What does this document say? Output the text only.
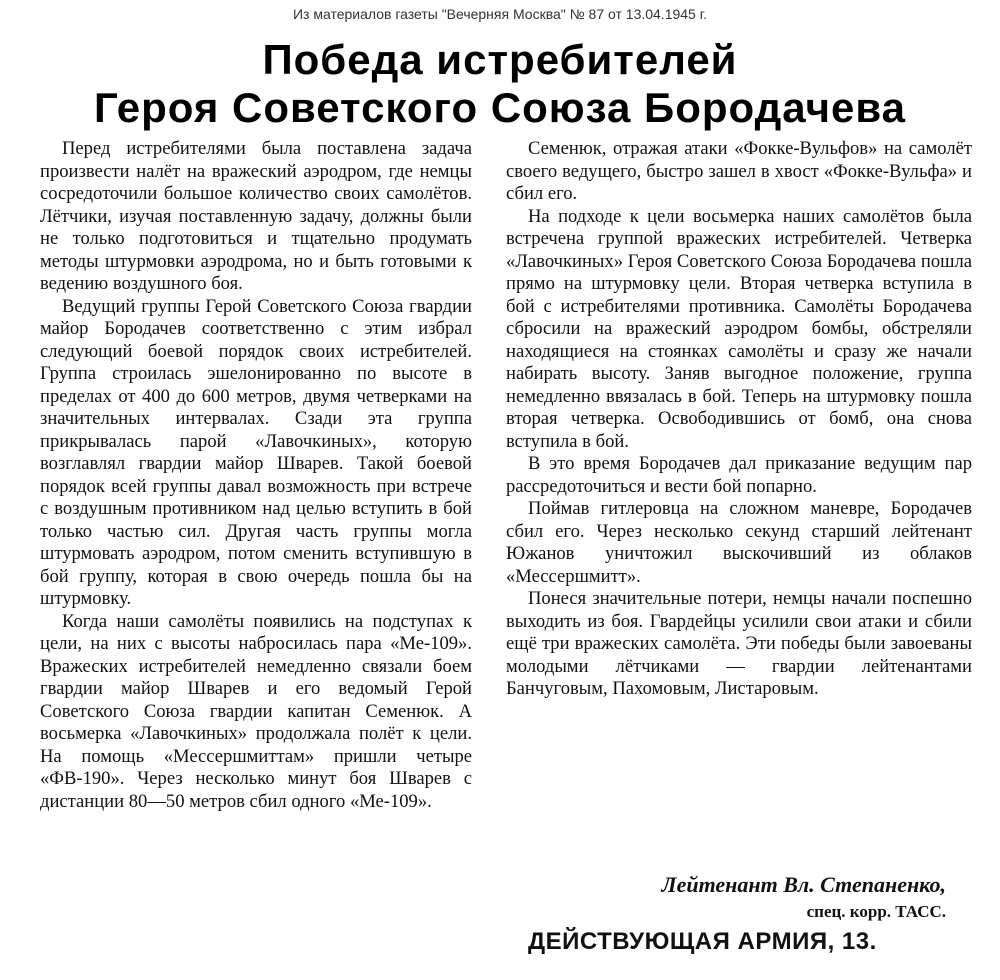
Из материалов газеты "Вечерняя Москва" № 87 от 13.04.1945 г.
Победа истребителей
Героя Советского Союза Бородачева

Перед истребителями была поставлена задача произвести налёт на вражеский аэродром, где немцы сосредоточили большое количество своих самолётов. Лётчики, изучая поставленную задачу, должны были не только подготовиться и тщательно продумать методы штурмовки аэродрома, но и быть готовыми к ведению воздушного боя.

Ведущий группы Герой Советского Союза гвардии майор Бородачев соответственно с этим избрал следующий боевой порядок своих истребителей. Группа строилась эшелонированно по высоте в пределах от 400 до 600 метров, двумя четверками на значительных интервалах. Сзади эта группа прикрывалась парой «Лавочкиных», которую возглавлял гвардии майор Шварев. Такой боевой порядок всей группы давал возможность при встрече с воздушным противником над целью вступить в бой только частью сил. Другая часть группы могла штурмовать аэродром, потом сменить вступившую в бой группу, которая в свою очередь пошла бы на штурмовку.

Когда наши самолёты появились на подступах к цели, на них с высоты набросилась пара «Ме-109». Вражеских истребителей немедленно связали боем гвардии майор Шварев и его ведомый Герой Советского Союза гвардии капитан Семенюк. А восьмерка «Лавочкиных» продолжала полёт к цели. На помощь «Мессершмиттам» пришли четыре «ФВ-190». Через несколько минут боя Шварев с дистанции 80—50 метров сбил одного «Ме-109».

Семенюк, отражая атаки «Фокке-Вульфов» на самолёт своего ведущего, быстро зашел в хвост «Фокке-Вульфа» и сбил его.

На подходе к цели восьмерка наших самолётов была встречена группой вражеских истребителей. Четверка «Лавочкиных» Героя Советского Союза Бородачева пошла прямо на штурмовку цели. Вторая четверка вступила в бой с истребителями противника. Самолёты Бородачева сбросили на вражеский аэродром бомбы, обстреляли находящиеся на стоянках самолёты и сразу же начали набирать высоту. Заняв выгодное положение, группа немедленно ввязалась в бой. Теперь на штурмовку пошла вторая четверка. Освободившись от бомб, она снова вступила в бой.

В это время Бородачев дал приказание ведущим пар рассредоточиться и вести бой попарно.

Поймав гитлеровца на сложном маневре, Бородачев сбил его. Через несколько секунд старший лейтенант Южанов уничтожил выскочивший из облаков «Мессершмитт».

Понеся значительные потери, немцы начали поспешно выходить из боя. Гвардейцы усилили свои атаки и сбили ещё три вражеских самолёта. Эти победы были завоеваны молодыми лётчиками — гвардии лейтенантами Банчуговым, Пахомовым, Листаровым.

Лейтенант Вл. Степаненко,
спец. корр. ТАСС.
ДЕЙСТВУЮЩАЯ АРМИЯ, 13.
